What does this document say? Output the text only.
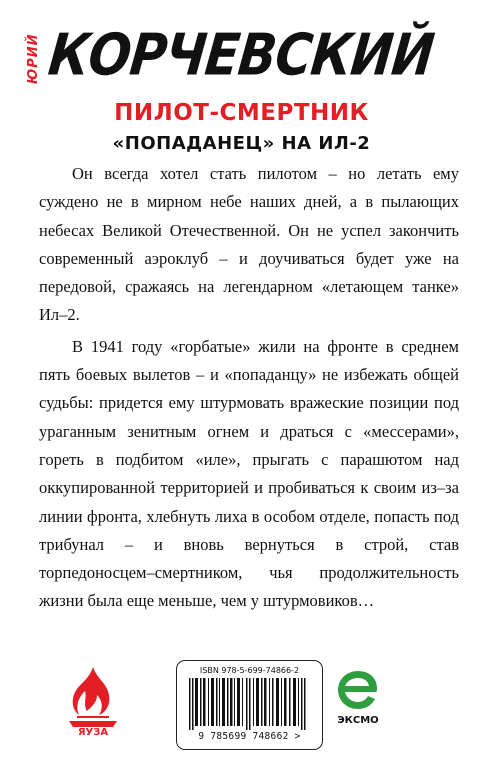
ЮРИЙ КОРЧЕВСКИЙ
ПИЛОТ-СМЕРТНИК
«ПОПАДАНЕЦ» НА ИЛ-2

Он всегда хотел стать пилотом – но летать ему суждено не в мирном небе наших дней, а в пылающих небесах Великой Отечественной. Он не успел закончить современный аэроклуб – и доучиваться будет уже на передовой, сражаясь на легендарном «летающем танке» Ил–2.

В 1941 году «горбатые» жили на фронте в среднем пять боевых вылетов – и «попаданцу» не избежать общей судьбы: придется ему штурмовать вражеские позиции под ураганным зенитным огнем и драться с «мессерами», гореть в подбитом «иле», прыгать с парашютом над оккупированной территорией и пробиваться к своим из–за линии фронта, хлебнуть лиха в особом отделе, попасть под трибунал – и вновь вернуться в строй, став торпедоносцем–смертником, чья продолжительность жизни была еще меньше, чем у штурмовиков…

ЯУЗА
ISBN 978-5-699-74866-2
9 785699 748662 >
ЭКСМО
